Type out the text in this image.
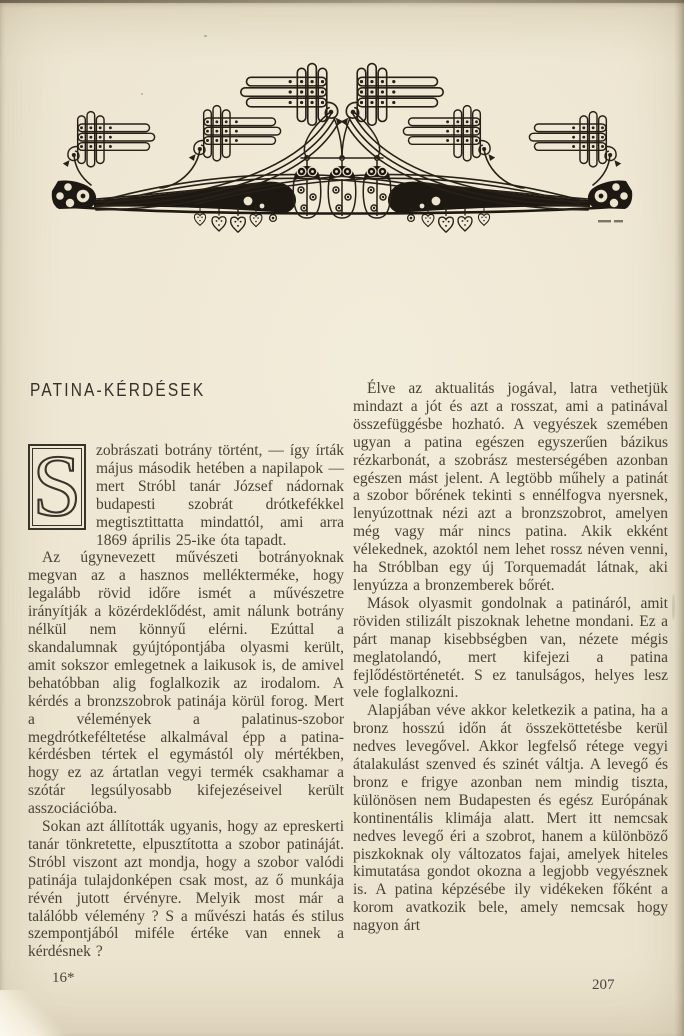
PATINA-KÉRDÉSEK

S zobrászati botrány történt, — így írták május második hetében a napilapok — mert Stróbl tanár József nádornak budapesti szobrát drótkefékkel megtisztittatta mindattól, ami arra 1869 április 25-ike óta tapadt.

Az úgynevezett művészeti botrányoknak megvan az a hasznos mellékterméke, hogy legalább rövid időre ismét a művészetre irányítják a közérdeklődést, amit nálunk botrány nélkül nem könnyű elérni. Ezúttal a skandalumnak gyújtópontjába olyasmi került, amit sokszor emlegetnek a laikusok is, de amivel behatóbban alig foglalkozik az irodalom. A kérdés a bronzszobrok patinája körül forog. Mert a vélemények a palatinus-szobor megdrótkeféltetése alkalmával épp a patina-kérdésben tértek el egymástól oly mértékben, hogy ez az ártatlan vegyi termék csakhamar a szótár legsúlyosabb kifejezéseivel került asszociációba.

Sokan azt állították ugyanis, hogy az epreskerti tanár tönkretette, elpusztította a szobor patináját. Stróbl viszont azt mondja, hogy a szobor valódi patinája tulajdonképen csak most, az ő munkája révén jutott érvényre. Melyik most már a találóbb vélemény ? S a művészi hatás és stilus szempontjából miféle értéke van ennek a kérdésnek ?

Élve az aktualitás jogával, latra vethetjük mindazt a jót és azt a rosszat, ami a patinával összefüggésbe hozható. A vegyészek szemében ugyan a patina egészen egyszerűen bázikus rézkarbonát, a szobrász mesterségében azonban egészen mást jelent. A legtöbb műhely a patinát a szobor bőrének tekinti s ennélfogva nyersnek, lenyúzottnak nézi azt a bronzszobrot, amelyen még vagy már nincs patina. Akik ekként vélekednek, azoktól nem lehet rossz néven venni, ha Stróblban egy új Torquemadát látnak, aki lenyúzza a bronzemberek bőrét.

Mások olyasmit gondolnak a patináról, amit röviden stilizált piszoknak lehetne mondani. Ez a párt manap kisebbségben van, nézete mégis meglatolandó, mert kifejezi a patina fejlődéstörténetét. S ez tanulságos, helyes lesz vele foglalkozni.

Alapjában véve akkor keletkezik a patina, ha a bronz hosszú időn át összeköttetésbe kerül nedves levegővel. Akkor legfelső rétege vegyi átalakulást szenved és szinét váltja. A levegő és bronz e frigye azonban nem mindig tiszta, különösen nem Budapesten és egész Európának kontinentális klimája alatt. Mert itt nemcsak nedves levegő éri a szobrot, hanem a különböző piszkoknak oly változatos fajai, amelyek hiteles kimutatása gondot okozna a legjobb vegyésznek is. A patina képzésébe ily vidékeken főként a korom avatkozik bele, amely nemcsak hogy nagyon árt

16*	207
